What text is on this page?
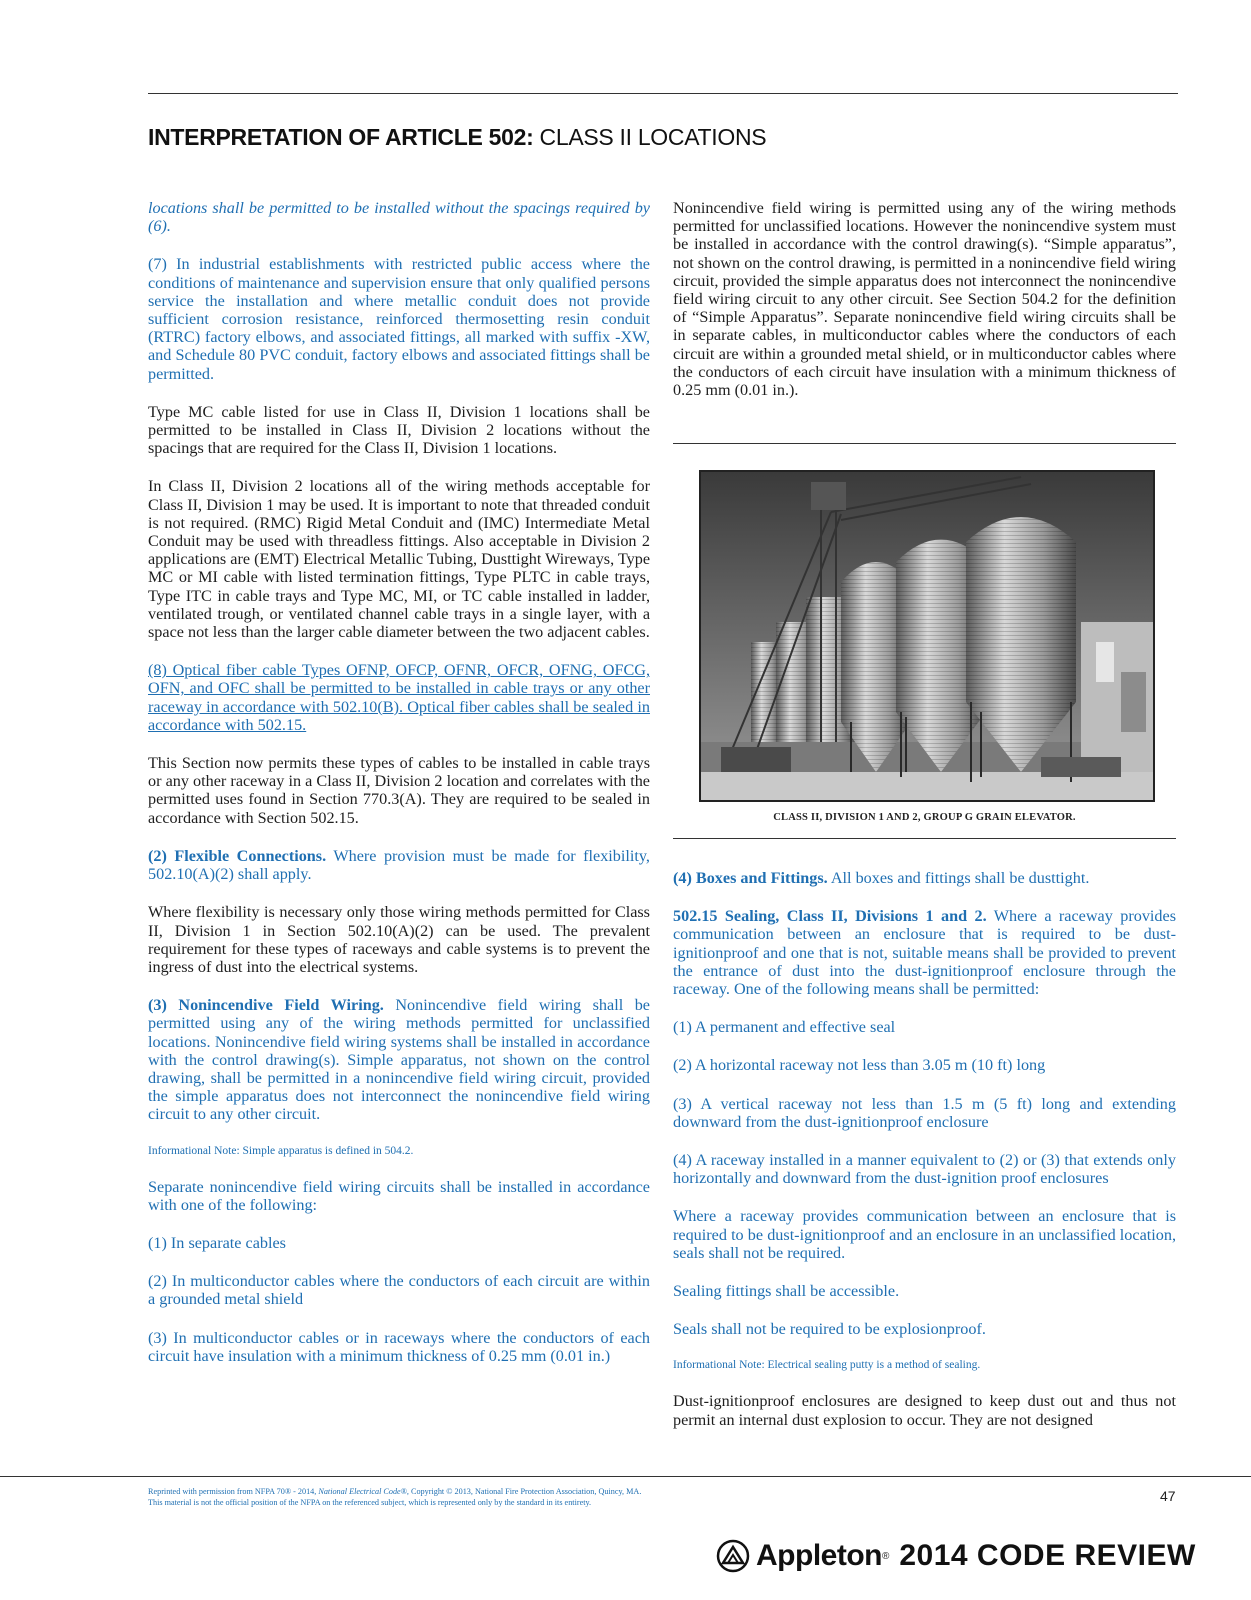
INTERPRETATION OF ARTICLE 502: CLASS II LOCATIONS

locations shall be permitted to be installed without the spacings required by (6).

(7) In industrial establishments with restricted public access where the conditions of maintenance and supervision ensure that only qualified persons service the installation and where metallic conduit does not provide sufficient corrosion resistance, reinforced thermosetting resin conduit (RTRC) factory elbows, and associated fittings, all marked with suffix -XW, and Schedule 80 PVC conduit, factory elbows and associated fittings shall be permitted.

Type MC cable listed for use in Class II, Division 1 locations shall be permitted to be installed in Class II, Division 2 locations without the spacings that are required for the Class II, Division 1 locations.

In Class II, Division 2 locations all of the wiring methods acceptable for Class II, Division 1 may be used. It is important to note that threaded conduit is not required. (RMC) Rigid Metal Conduit and (IMC) Intermediate Metal Conduit may be used with threadless fittings. Also acceptable in Division 2 applications are (EMT) Electrical Metallic Tubing, Dusttight Wireways, Type MC or MI cable with listed termination fittings, Type PLTC in cable trays, Type ITC in cable trays and Type MC, MI, or TC cable installed in ladder, ventilated trough, or ventilated channel cable trays in a single layer, with a space not less than the larger cable diameter between the two adjacent cables.

(8) Optical fiber cable Types OFNP, OFCP, OFNR, OFCR, OFNG, OFCG, OFN, and OFC shall be permitted to be installed in cable trays or any other raceway in accordance with 502.10(B). Optical fiber cables shall be sealed in accordance with 502.15.

This Section now permits these types of cables to be installed in cable trays or any other raceway in a Class II, Division 2 location and correlates with the permitted uses found in Section 770.3(A). They are required to be sealed in accordance with Section 502.15.

(2) Flexible Connections. Where provision must be made for flexibility, 502.10(A)(2) shall apply.

Where flexibility is necessary only those wiring methods permitted for Class II, Division 1 in Section 502.10(A)(2) can be used. The prevalent requirement for these types of raceways and cable systems is to prevent the ingress of dust into the electrical systems.

(3) Nonincendive Field Wiring. Nonincendive field wiring shall be permitted using any of the wiring methods permitted for unclassified locations. Nonincendive field wiring systems shall be installed in accordance with the control drawing(s). Simple apparatus, not shown on the control drawing, shall be permitted in a nonincendive field wiring circuit, provided the simple apparatus does not interconnect the nonincendive field wiring circuit to any other circuit.

Informational Note: Simple apparatus is defined in 504.2.

Separate nonincendive field wiring circuits shall be installed in accordance with one of the following:

(1) In separate cables

(2) In multiconductor cables where the conductors of each circuit are within a grounded metal shield

(3) In multiconductor cables or in raceways where the conductors of each circuit have insulation with a minimum thickness of 0.25 mm (0.01 in.)

Nonincendive field wiring is permitted using any of the wiring methods permitted for unclassified locations. However the nonincendive system must be installed in accordance with the control drawing(s). “Simple apparatus”, not shown on the control drawing, is permitted in a nonincendive field wiring circuit, provided the simple apparatus does not interconnect the nonincendive field wiring circuit to any other circuit. See Section 504.2 for the definition of “Simple Apparatus”. Separate nonincendive field wiring circuits shall be in separate cables, in multiconductor cables where the conductors of each circuit are within a grounded metal shield, or in multiconductor cables where the conductors of each circuit have insulation with a minimum thickness of 0.25 mm (0.01 in.).

CLASS II, DIVISION 1 AND 2, GROUP G GRAIN ELEVATOR.

(4) Boxes and Fittings. All boxes and fittings shall be dusttight.

502.15 Sealing, Class II, Divisions 1 and 2. Where a raceway provides communication between an enclosure that is required to be dust-ignitionproof and one that is not, suitable means shall be provided to prevent the entrance of dust into the dust-ignitionproof enclosure through the raceway. One of the following means shall be permitted:

(1) A permanent and effective seal

(2) A horizontal raceway not less than 3.05 m (10 ft) long

(3) A vertical raceway not less than 1.5 m (5 ft) long and extending downward from the dust-ignitionproof enclosure

(4) A raceway installed in a manner equivalent to (2) or (3) that extends only horizontally and downward from the dust-ignition proof enclosures

Where a raceway provides communication between an enclosure that is required to be dust-ignitionproof and an enclosure in an unclassified location, seals shall not be required.

Sealing fittings shall be accessible.

Seals shall not be required to be explosionproof.

Informational Note: Electrical sealing putty is a method of sealing.

Dust-ignitionproof enclosures are designed to keep dust out and thus not permit an internal dust explosion to occur. They are not designed

Reprinted with permission from NFPA 70® - 2014, National Electrical Code®, Copyright © 2013, National Fire Protection Association, Quincy, MA.
This material is not the official position of the NFPA on the referenced subject, which is represented only by the standard in its entirety.	47
Appleton ® 2014 CODE REVIEW
